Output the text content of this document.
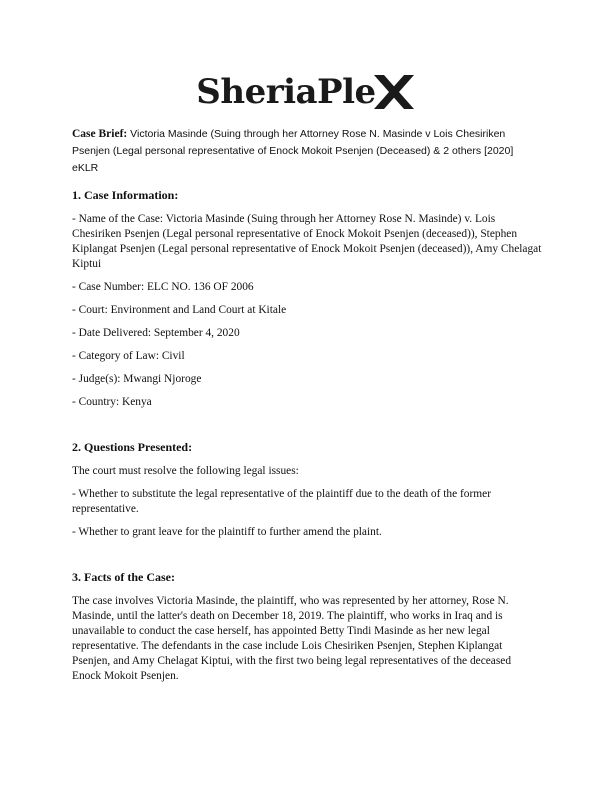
SheriaPle
Case Brief: Victoria Masinde (Suing through her Attorney Rose N. Masinde v Lois Chesiriken Psenjen (Legal personal representative of Enock Mokoit Psenjen (Deceased) & 2 others [2020] eKLR
1. Case Information:
- Name of the Case: Victoria Masinde (Suing through her Attorney Rose N. Masinde) v. Lois Chesiriken Psenjen (Legal personal representative of Enock Mokoit Psenjen (deceased)), Stephen Kiplangat Psenjen (Legal personal representative of Enock Mokoit Psenjen (deceased)), Amy Chelagat Kiptui
- Case Number: ELC NO. 136 OF 2006
- Court: Environment and Land Court at Kitale
- Date Delivered: September 4, 2020
- Category of Law: Civil
- Judge(s): Mwangi Njoroge
- Country: Kenya
2. Questions Presented:
The court must resolve the following legal issues:
- Whether to substitute the legal representative of the plaintiff due to the death of the former representative.
- Whether to grant leave for the plaintiff to further amend the plaint.
3. Facts of the Case:
The case involves Victoria Masinde, the plaintiff, who was represented by her attorney, Rose N. Masinde, until the latter's death on December 18, 2019. The plaintiff, who works in Iraq and is unavailable to conduct the case herself, has appointed Betty Tindi Masinde as her new legal representative. The defendants in the case include Lois Chesiriken Psenjen, Stephen Kiplangat Psenjen, and Amy Chelagat Kiptui, with the first two being legal representatives of the deceased Enock Mokoit Psenjen.
